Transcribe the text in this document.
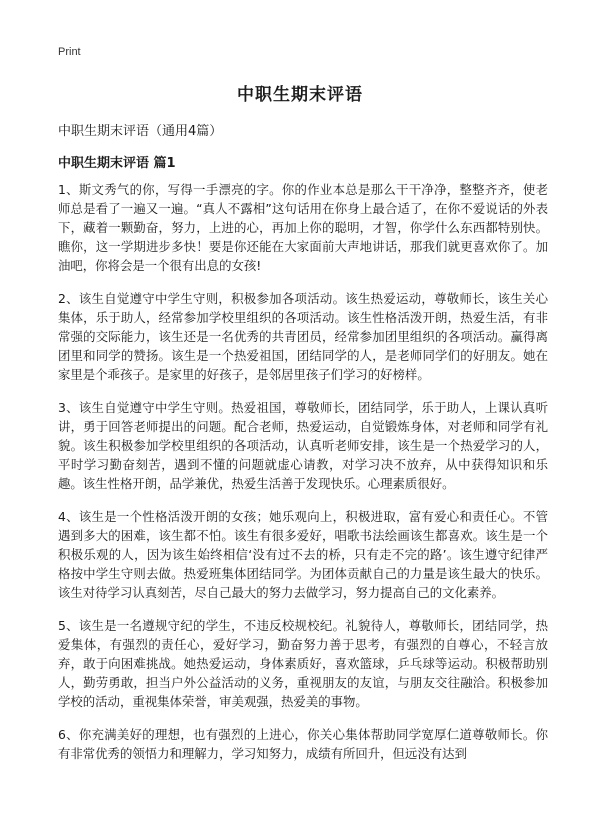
Print
中职生期末评语
中职生期末评语（通用4篇）
中职生期末评语 篇1

1、斯文秀气的你，写得一手漂亮的字。你的作业本总是那么干干净净，整整齐齐，使老师总是看了一遍又一遍。“真人不露相”这句话用在你身上最合适了，在你不爱说话的外表下，藏着一颗勤奋，努力，上进的心，再加上你的聪明，才智，你学什么东西都特别快。瞧你，这一学期进步多快！要是你还能在大家面前大声地讲话，那我们就更喜欢你了。加油吧，你将会是一个很有出息的女孩!

2、该生自觉遵守中学生守则，积极参加各项活动。该生热爱运动，尊敬师长，该生关心集体，乐于助人，经常参加学校里组织的各项活动。该生性格活泼开朗，热爱生活，有非常强的交际能力，该生还是一名优秀的共青团员，经常参加团里组织的各项活动。赢得离团里和同学的赞扬。该生是一个热爱祖国，团结同学的人，是老师同学们的好朋友。她在家里是个乖孩子。是家里的好孩子，是邻居里孩子们学习的好榜样。

3、该生自觉遵守中学生守则。热爱祖国，尊敬师长，团结同学，乐于助人，上课认真听讲，勇于回答老师提出的问题。配合老师，热爱运动，自觉锻炼身体，对老师和同学有礼貌。该生积极参加学校里组织的各项活动，认真听老师安排，该生是一个热爱学习的人，平时学习勤奋刻苦，遇到不懂的问题就虚心请教，对学习决不放弃，从中获得知识和乐趣。该生性格开朗，品学兼优，热爱生活善于发现快乐。心理素质很好。

4、该生是一个性格活泼开朗的女孩；她乐观向上，积极进取，富有爱心和责任心。不管遇到多大的困难，该生都不怕。该生有很多爱好，唱歌书法绘画该生都喜欢。该生是一个积极乐观的人，因为该生始终相信‘没有过不去的桥，只有走不完的路’。该生遵守纪律严格按中学生守则去做。热爱班集体团结同学。为团体贡献自己的力量是该生最大的快乐。该生对待学习认真刻苦，尽自己最大的努力去做学习，努力提高自己的文化素养。

5、该生是一名遵规守纪的学生，不违反校规校纪。礼貌待人，尊敬师长，团结同学，热爱集体，有强烈的责任心，爱好学习，勤奋努力善于思考，有强烈的自尊心，不轻言放弃，敢于向困难挑战。她热爱运动，身体素质好，喜欢篮球，乒乓球等运动。积极帮助别人，勤劳勇敢，担当户外公益活动的义务，重视朋友的友谊，与朋友交往融洽。积极参加学校的活动，重视集体荣誉，审美观强，热爱美的事物。

6、你充满美好的理想，也有强烈的上进心，你关心集体帮助同学宽厚仁道尊敬师长。你有非常优秀的领悟力和理解力，学习知努力，成绩有所回升，但远没有达到
